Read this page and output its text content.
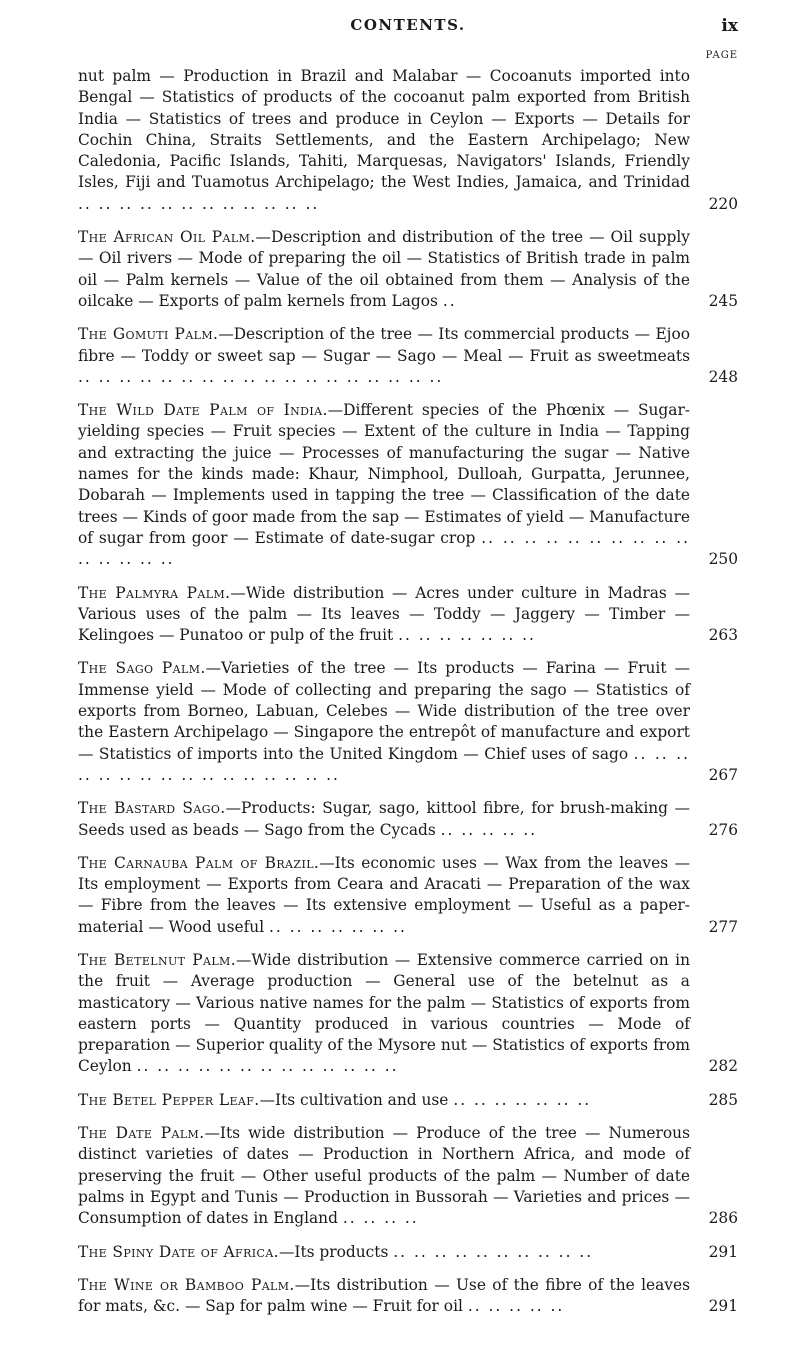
CONTENTS.	ix
PAGE
nut palm — Production in Brazil and Malabar — Cocoanuts imported into Bengal — Statistics of products of the cocoanut palm exported from British India — Statistics of trees and produce in Ceylon — Exports — Details for Cochin China, Straits Settlements, and the Eastern Archipelago; New Caledonia, Pacific Islands, Tahiti, Marquesas, Navigators' Islands, Friendly Isles, Fiji and Tuamotus Archipelago; the West Indies, Jamaica, and Trinidad .. .. .. .. .. .. .. .. .. .. .. ..	220
The African Oil Palm.—Description and distribution of the tree — Oil supply — Oil rivers — Mode of preparing the oil — Statistics of British trade in palm oil — Palm kernels — Value of the oil obtained from them — Analysis of the oilcake — Exports of palm kernels from Lagos ..	245
The Gomuti Palm.—Description of the tree — Its commercial products — Ejoo fibre — Toddy or sweet sap — Sugar — Sago — Meal — Fruit as sweetmeats .. .. .. .. .. .. .. .. .. .. .. .. .. .. .. .. .. ..	248
The Wild Date Palm of India.—Different species of the Phœnix — Sugar-yielding species — Fruit species — Extent of the culture in India — Tapping and extracting the juice — Processes of manufacturing the sugar — Native names for the kinds made: Khaur, Nimphool, Dulloah, Gurpatta, Jerunnee, Dobarah — Implements used in tapping the tree — Classification of the date trees — Kinds of goor made from the sap — Estimates of yield — Manufacture of sugar from goor — Estimate of date-sugar crop .. .. .. .. .. .. .. .. .. .. .. .. .. .. ..	250
The Palmyra Palm.—Wide distribution — Acres under culture in Madras — Various uses of the palm — Its leaves — Toddy — Jaggery — Timber — Kelingoes — Punatoo or pulp of the fruit .. .. .. .. .. .. ..	263
The Sago Palm.—Varieties of the tree — Its products — Farina — Fruit — Immense yield — Mode of collecting and preparing the sago — Statistics of exports from Borneo, Labuan, Celebes — Wide distribution of the tree over the Eastern Archipelago — Singapore the entrepôt of manufacture and export — Statistics of imports into the United Kingdom — Chief uses of sago .. .. .. .. .. .. .. .. .. .. .. .. .. .. .. ..	267
The Bastard Sago.—Products: Sugar, sago, kittool fibre, for brush-making — Seeds used as beads — Sago from the Cycads .. .. .. .. ..	276
The Carnauba Palm of Brazil.—Its economic uses — Wax from the leaves — Its employment — Exports from Ceara and Aracati — Preparation of the wax — Fibre from the leaves — Its extensive employment — Useful as a paper-material — Wood useful .. .. .. .. .. .. ..	277
The Betelnut Palm.—Wide distribution — Extensive commerce carried on in the fruit — Average production — General use of the betelnut as a masticatory — Various native names for the palm — Statistics of exports from eastern ports — Quantity produced in various countries — Mode of preparation — Superior quality of the Mysore nut — Statistics of exports from Ceylon .. .. .. .. .. .. .. .. .. .. .. .. ..	282
The Betel Pepper Leaf.—Its cultivation and use .. .. .. .. .. .. ..	285
The Date Palm.—Its wide distribution — Produce of the tree — Numerous distinct varieties of dates — Production in Northern Africa, and mode of preserving the fruit — Other useful products of the palm — Number of date palms in Egypt and Tunis — Production in Bussorah — Varieties and prices — Consumption of dates in England .. .. .. ..	286
The Spiny Date of Africa.—Its products .. .. .. .. .. .. .. .. .. ..	291
The Wine or Bamboo Palm.—Its distribution — Use of the fibre of the leaves for mats, &c. — Sap for palm wine — Fruit for oil .. .. .. .. ..	291
